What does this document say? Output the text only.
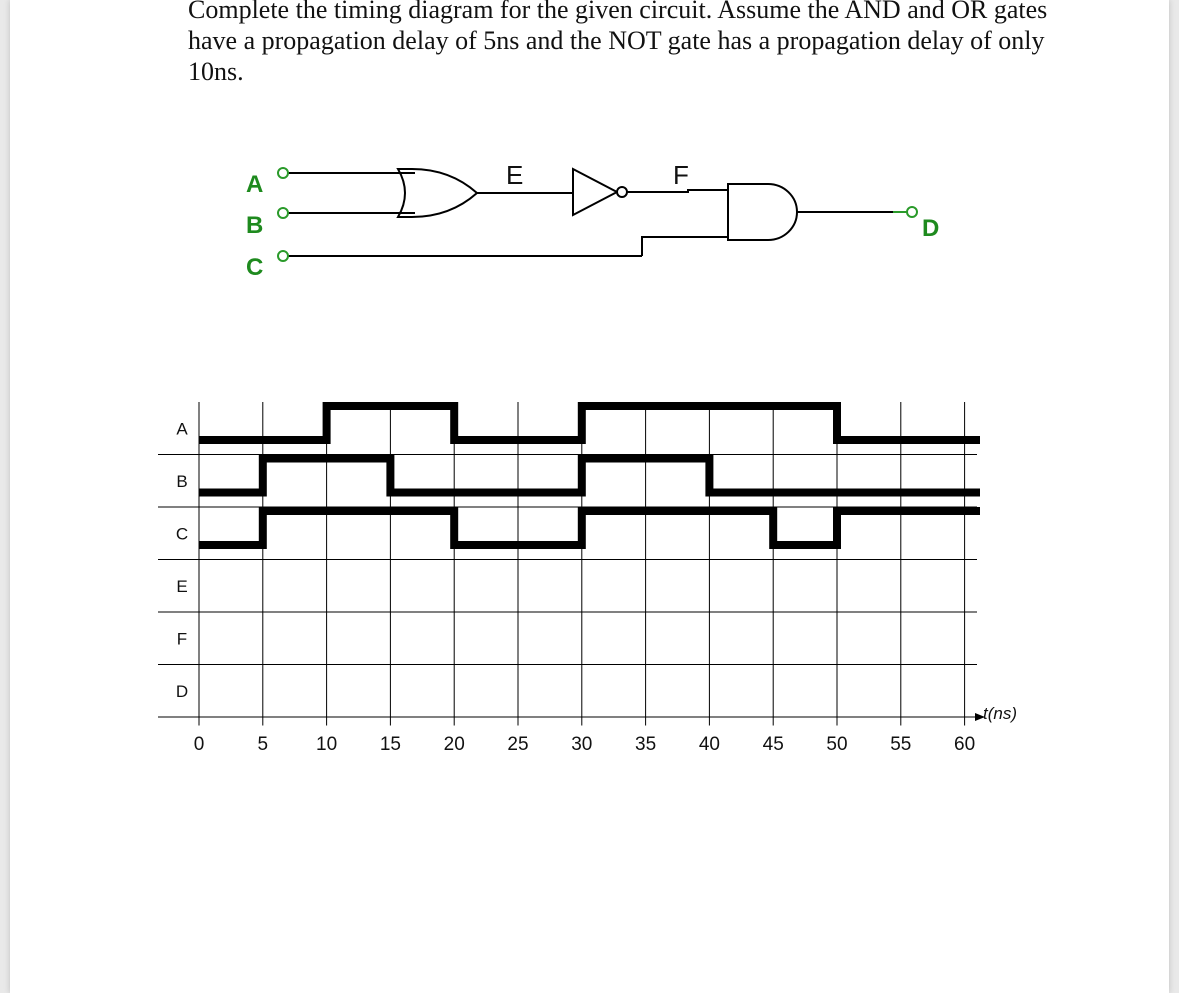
Complete the timing diagram for the given circuit. Assume the AND and OR gates have a propagation delay of 5ns and the NOT gate has a propagation delay of only 10ns.

A
B
C
D
E	F
A
B
C
E
F
D
0	5	10 15 20 25 30 35 40 45 50 55 60
t(ns)
